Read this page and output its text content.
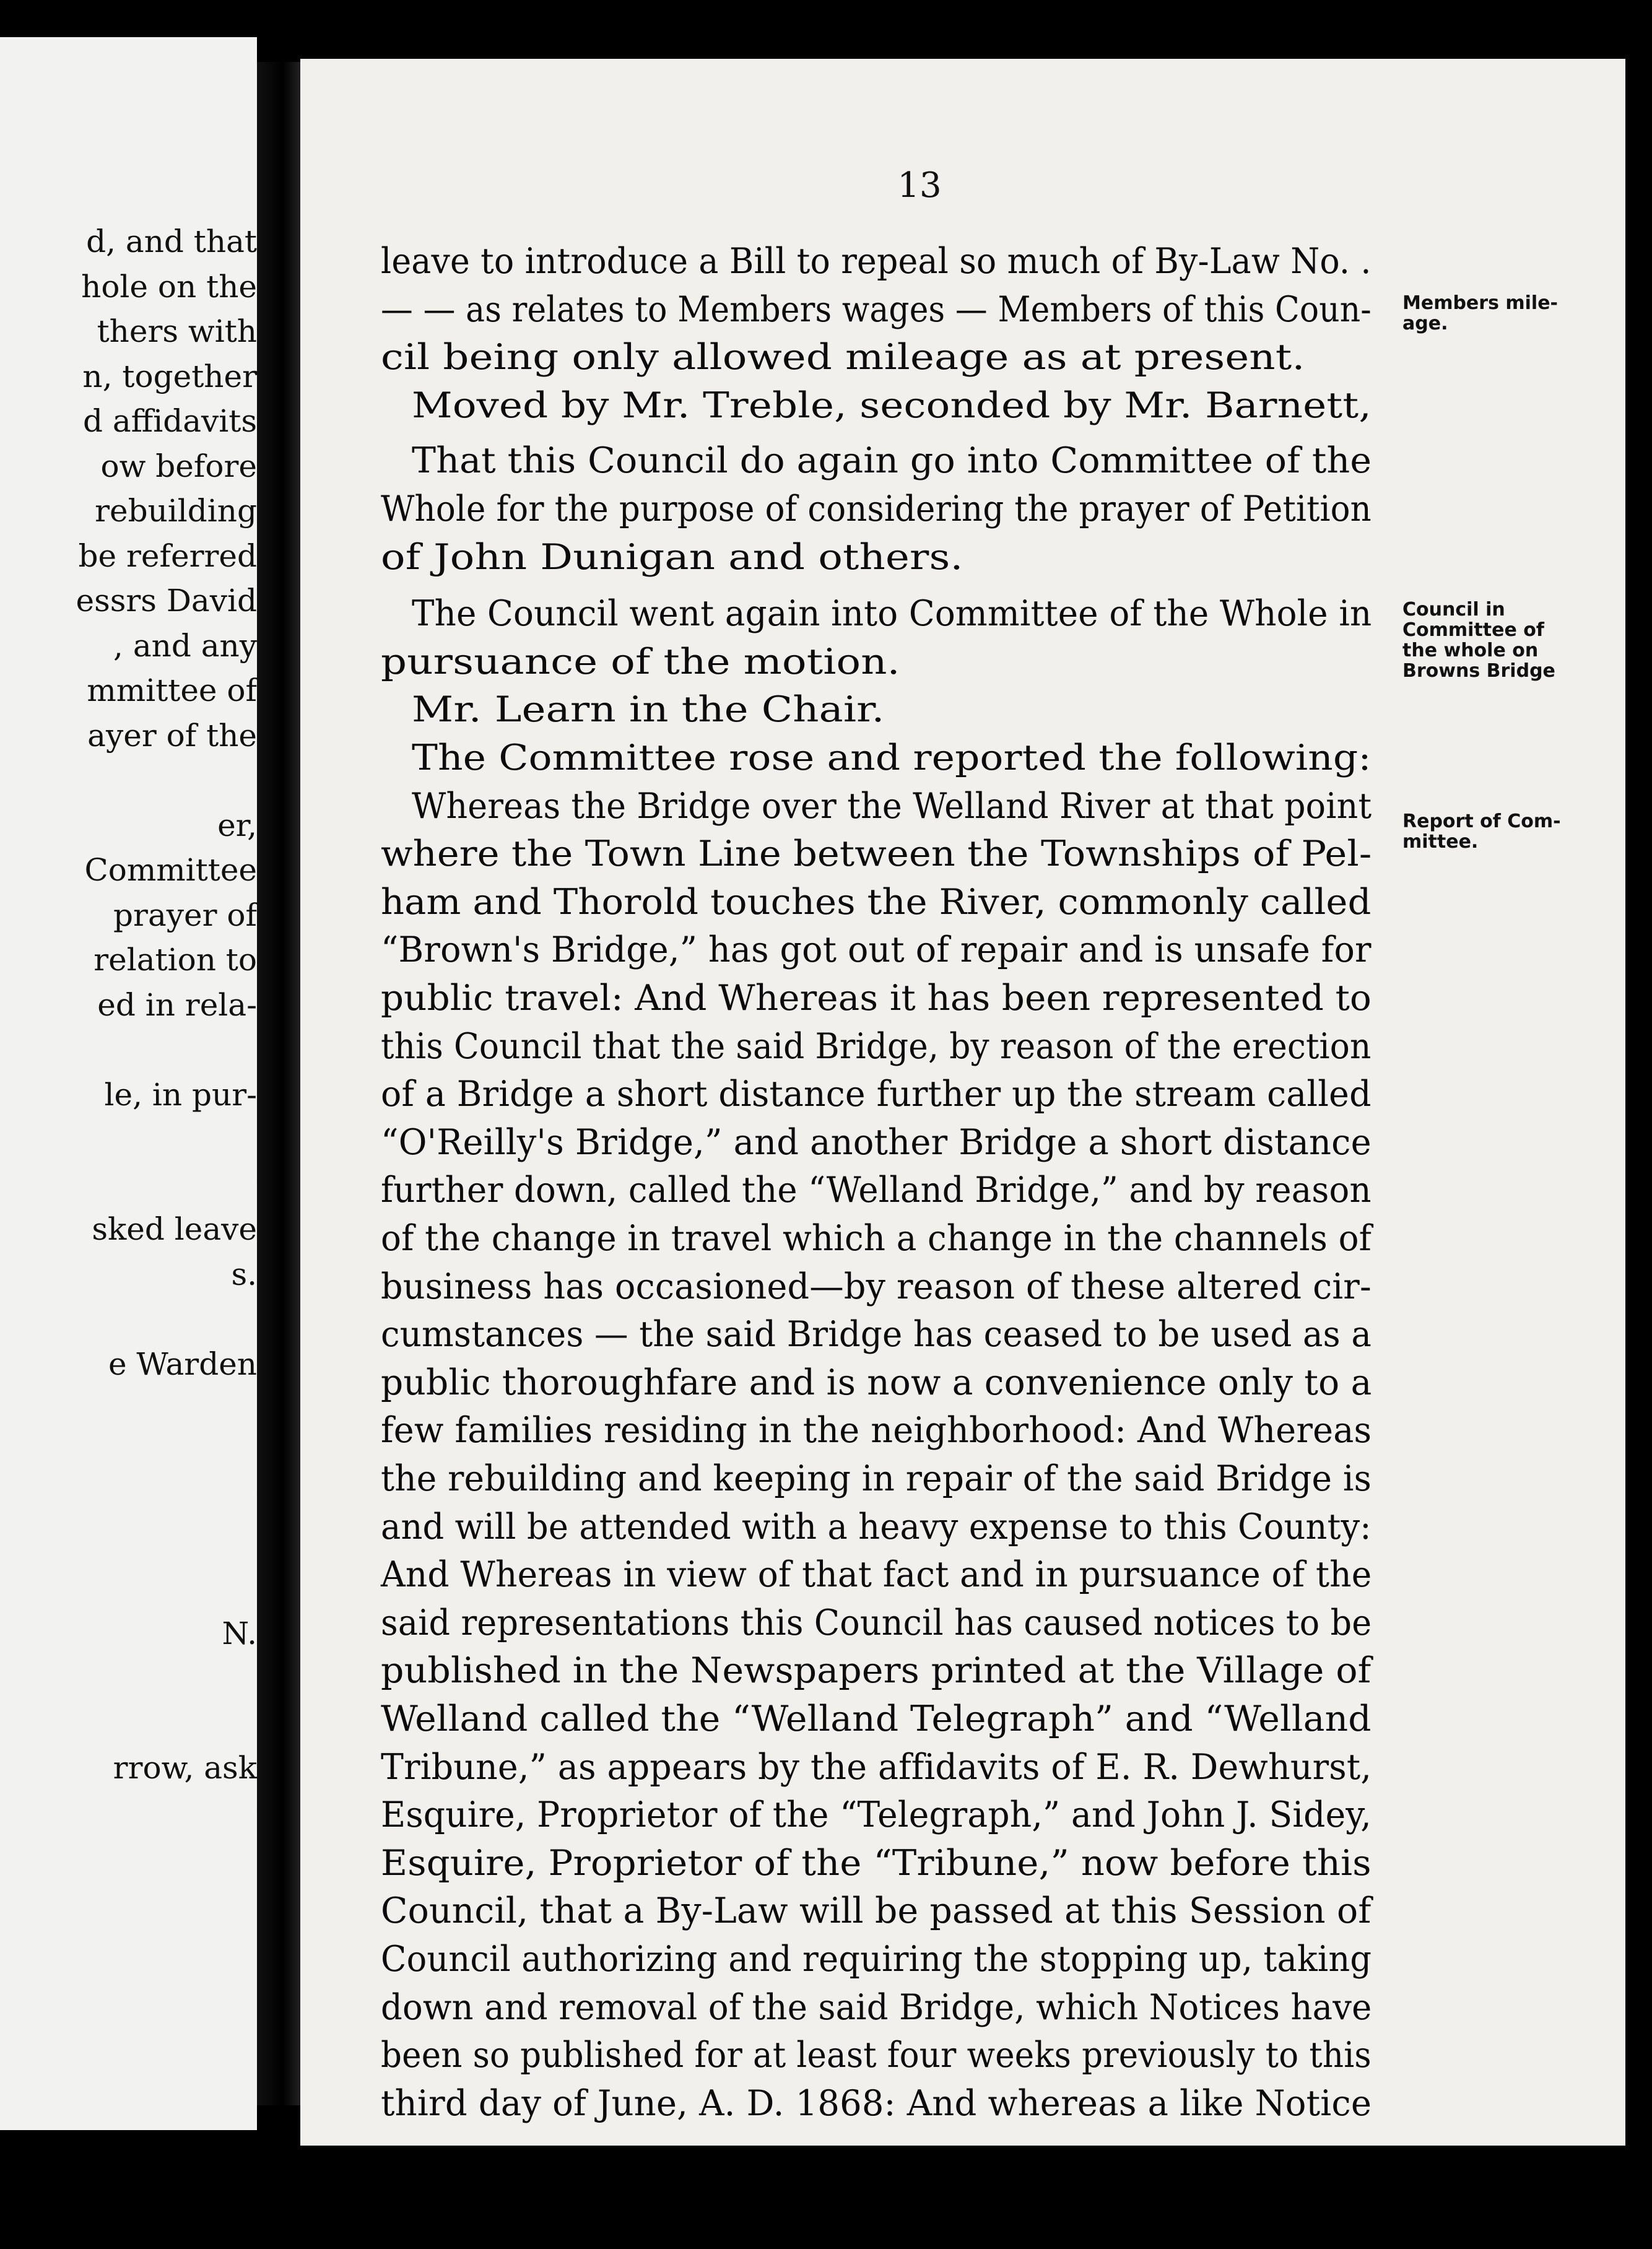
d, and that
hole on the
thers with
n, together
d affidavits
ow before
rebuilding
be referred
essrs David
, and any
mmittee of
ayer of the
er,
Committee
prayer of
relation to
ed in rela-
le, in pur-
sked leave
s.
e Warden
N.
rrow, ask
13
leave to introduce a Bill to repeal so much of By-Law No. .
— — as relates to Members wages — Members of this Coun-
cil being only allowed mileage as at present.
Moved by Mr. Treble, seconded by Mr. Barnett,
That this Council do again go into Committee of the
Whole for the purpose of considering the prayer of Petition
of John Dunigan and others.
The Council went again into Committee of the Whole in
pursuance of the motion.
Mr. Learn in the Chair.
The Committee rose and reported the following:
Whereas the Bridge over the Welland River at that point
where the Town Line between the Townships of Pel-
ham and Thorold touches the River, commonly called
“Brown's Bridge,” has got out of repair and is unsafe for
public travel: And Whereas it has been represented to
this Council that the said Bridge, by reason of the erection
of a Bridge a short distance further up the stream called
“O'Reilly's Bridge,” and another Bridge a short distance
further down, called the “Welland Bridge,” and by reason
of the change in travel which a change in the channels of
business has occasioned—by reason of these altered cir-
cumstances — the said Bridge has ceased to be used as a
public thoroughfare and is now a convenience only to a
few families residing in the neighborhood: And Whereas
the rebuilding and keeping in repair of the said Bridge is
and will be attended with a heavy expense to this County:
And Whereas in view of that fact and in pursuance of the
said representations this Council has caused notices to be
published in the Newspapers printed at the Village of
Welland called the “Welland Telegraph” and “Welland
Tribune,” as appears by the affidavits of E. R. Dewhurst,
Esquire, Proprietor of the “Telegraph,” and John J. Sidey,
Esquire, Proprietor of the “Tribune,” now before this
Council, that a By-Law will be passed at this Session of
Council authorizing and requiring the stopping up, taking
down and removal of the said Bridge, which Notices have
been so published for at least four weeks previously to this
third day of June, A. D. 1868: And whereas a like Notice
Members mile-
age.
Council in
Committee of
the whole on
Browns Bridge
Report of Com-
mittee.
